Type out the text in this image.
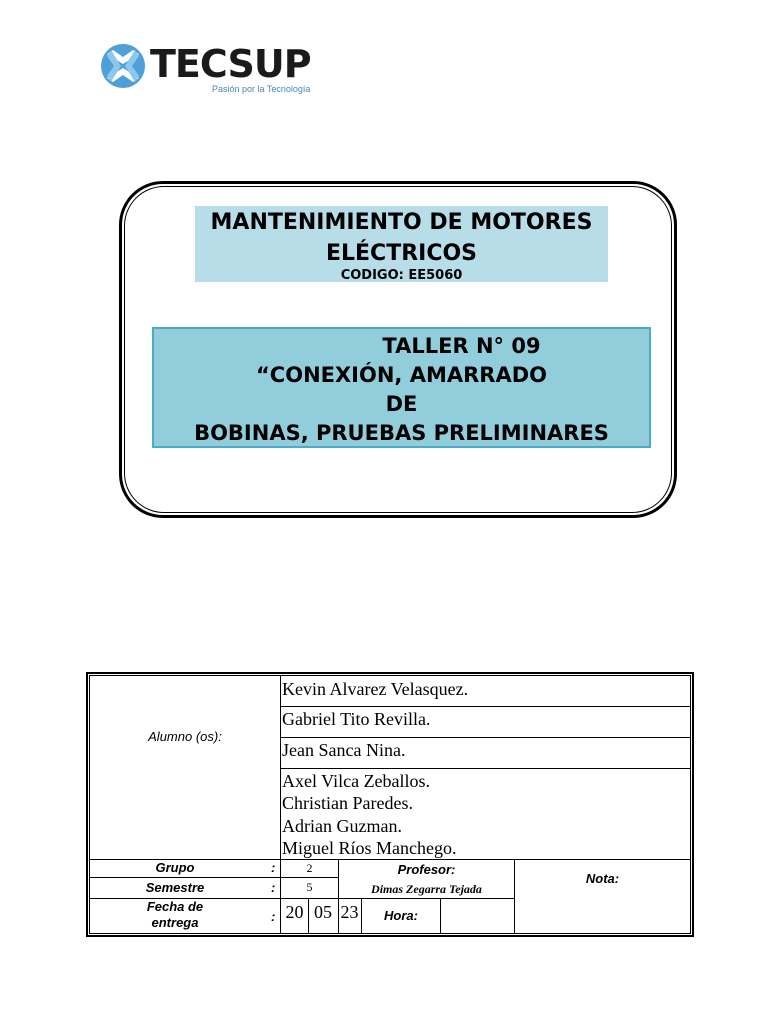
TECSUP
Pasión por la Tecnología
MANTENIMIENTO DE MOTORES
ELÉCTRICOS
CODIGO: EE5060
TALLER N° 09
“CONEXIÓN, AMARRADO
DE
BOBINAS, PRUEBAS PRELIMINARES
Alumno (os):
Kevin Alvarez Velasquez.
Gabriel Tito Revilla.
Jean Sanca Nina.
Axel Vilca Zeballos.
Christian Paredes.
Adrian Guzman.
Miguel Ríos Manchego.
Grupo	:	2
Semestre	:	5
Fecha de
entrega	: 20 05 23
Profesor:
Dimas Zegarra Tejada
Hora:
Nota:
